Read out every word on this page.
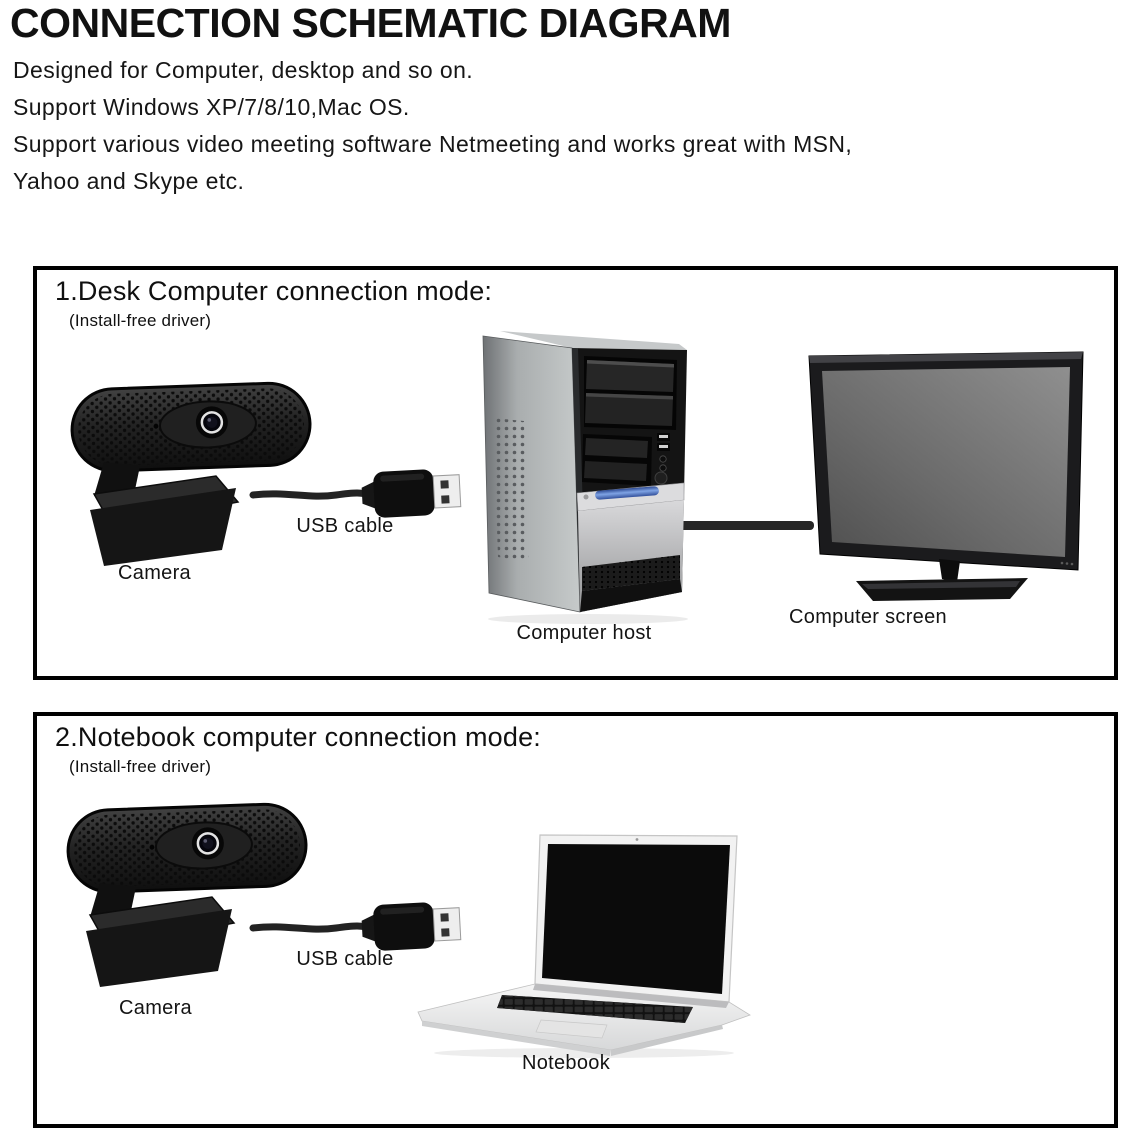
CONNECTION SCHEMATIC DIAGRAM
Designed for Computer, desktop and so on.
Support Windows XP/7/8/10,Mac OS.
Support various video meeting software Netmeeting and works great with MSN,
Yahoo and Skype etc.
1.Desk Computer connection mode:
(Install-free driver)
Camera
USB cable
Computer host
Computer screen
2.Notebook computer connection mode:
(Install-free driver)
Camera
USB cable
Notebook
